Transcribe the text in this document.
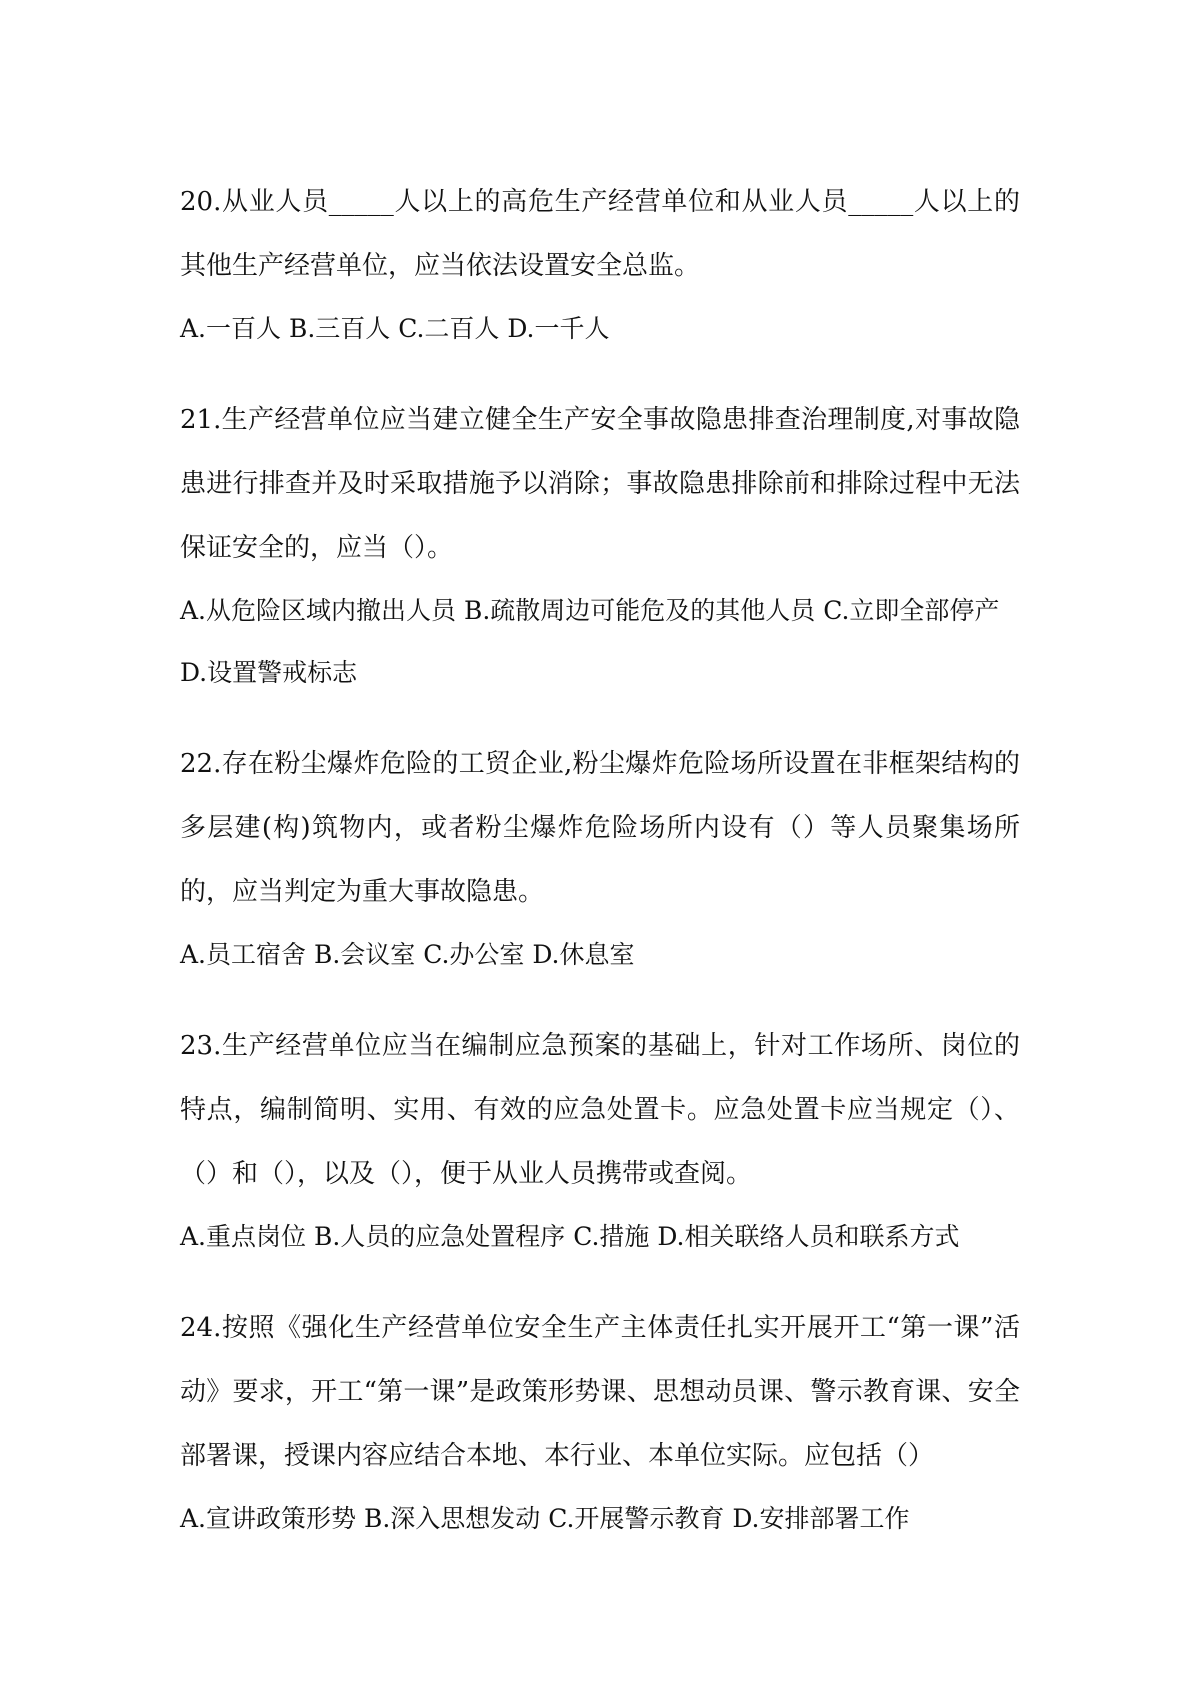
20.从业人员_____人以上的高危生产经营单位和从业人员_____人以上的其他生产经营单位，应当依法设置安全总监。

A.一百人 B.三百人 C.二百人 D.一千人

21.生产经营单位应当建立健全生产安全事故隐患排查治理制度,对事故隐患进行排查并及时采取措施予以消除；事故隐患排除前和排除过程中无法保证安全的，应当（）。

A.从危险区域内撤出人员 B.疏散周边可能危及的其他人员 C.立即全部停产 D.设置警戒标志

22.存在粉尘爆炸危险的工贸企业,粉尘爆炸危险场所设置在非框架结构的多层建(构)筑物内，或者粉尘爆炸危险场所内设有（）等人员聚集场所的，应当判定为重大事故隐患。

A.员工宿舍 B.会议室 C.办公室 D.休息室

23.生产经营单位应当在编制应急预案的基础上，针对工作场所、岗位的特点，编制简明、实用、有效的应急处置卡。应急处置卡应当规定（）、（）和（），以及（），便于从业人员携带或查阅。

A.重点岗位 B.人员的应急处置程序 C.措施 D.相关联络人员和联系方式

24.按照《强化生产经营单位安全生产主体责任扎实开展开工“第一课”活动》要求，开工“第一课”是政策形势课、思想动员课、警示教育课、安全部署课，授课内容应结合本地、本行业、本单位实际。应包括（）

A.宣讲政策形势 B.深入思想发动 C.开展警示教育 D.安排部署工作
